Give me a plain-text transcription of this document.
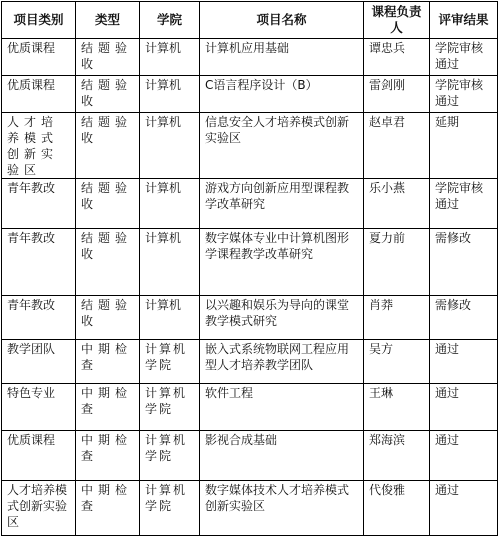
项目类别	类型	学院	项目名称	课程负责人	评审结果
优质课程	结题验收	计算机	计算机应用基础	谭忠兵	学院审核通过
优质课程	结题验收	计算机	C语言程序设计（B）	雷剑刚	学院审核通过
人才培养模式创新实验区	结题验收	计算机	信息安全人才培养模式创新实验区	赵卓君	延期
青年教改	结题验收	计算机	游戏方向创新应用型课程教学改革研究	乐小燕	学院审核通过
青年教改	结题验收	计算机	数字媒体专业中计算机图形学课程教学改革研究	夏力前	需修改
青年教改	结题验收	计算机	以兴趣和娱乐为导向的课堂教学模式研究	肖莽	需修改
教学团队	中期检查	计算机学院	嵌入式系统物联网工程应用型人才培养教学团队	吴方	通过
特色专业	中期检查	计算机学院	软件工程	王琳	通过
优质课程	中期检查	计算机学院	影视合成基础	郑海滨	通过
人才培养模式创新实验区	中期检查	计算机学院	数字媒体技术人才培养模式创新实验区	代俊雅	通过
